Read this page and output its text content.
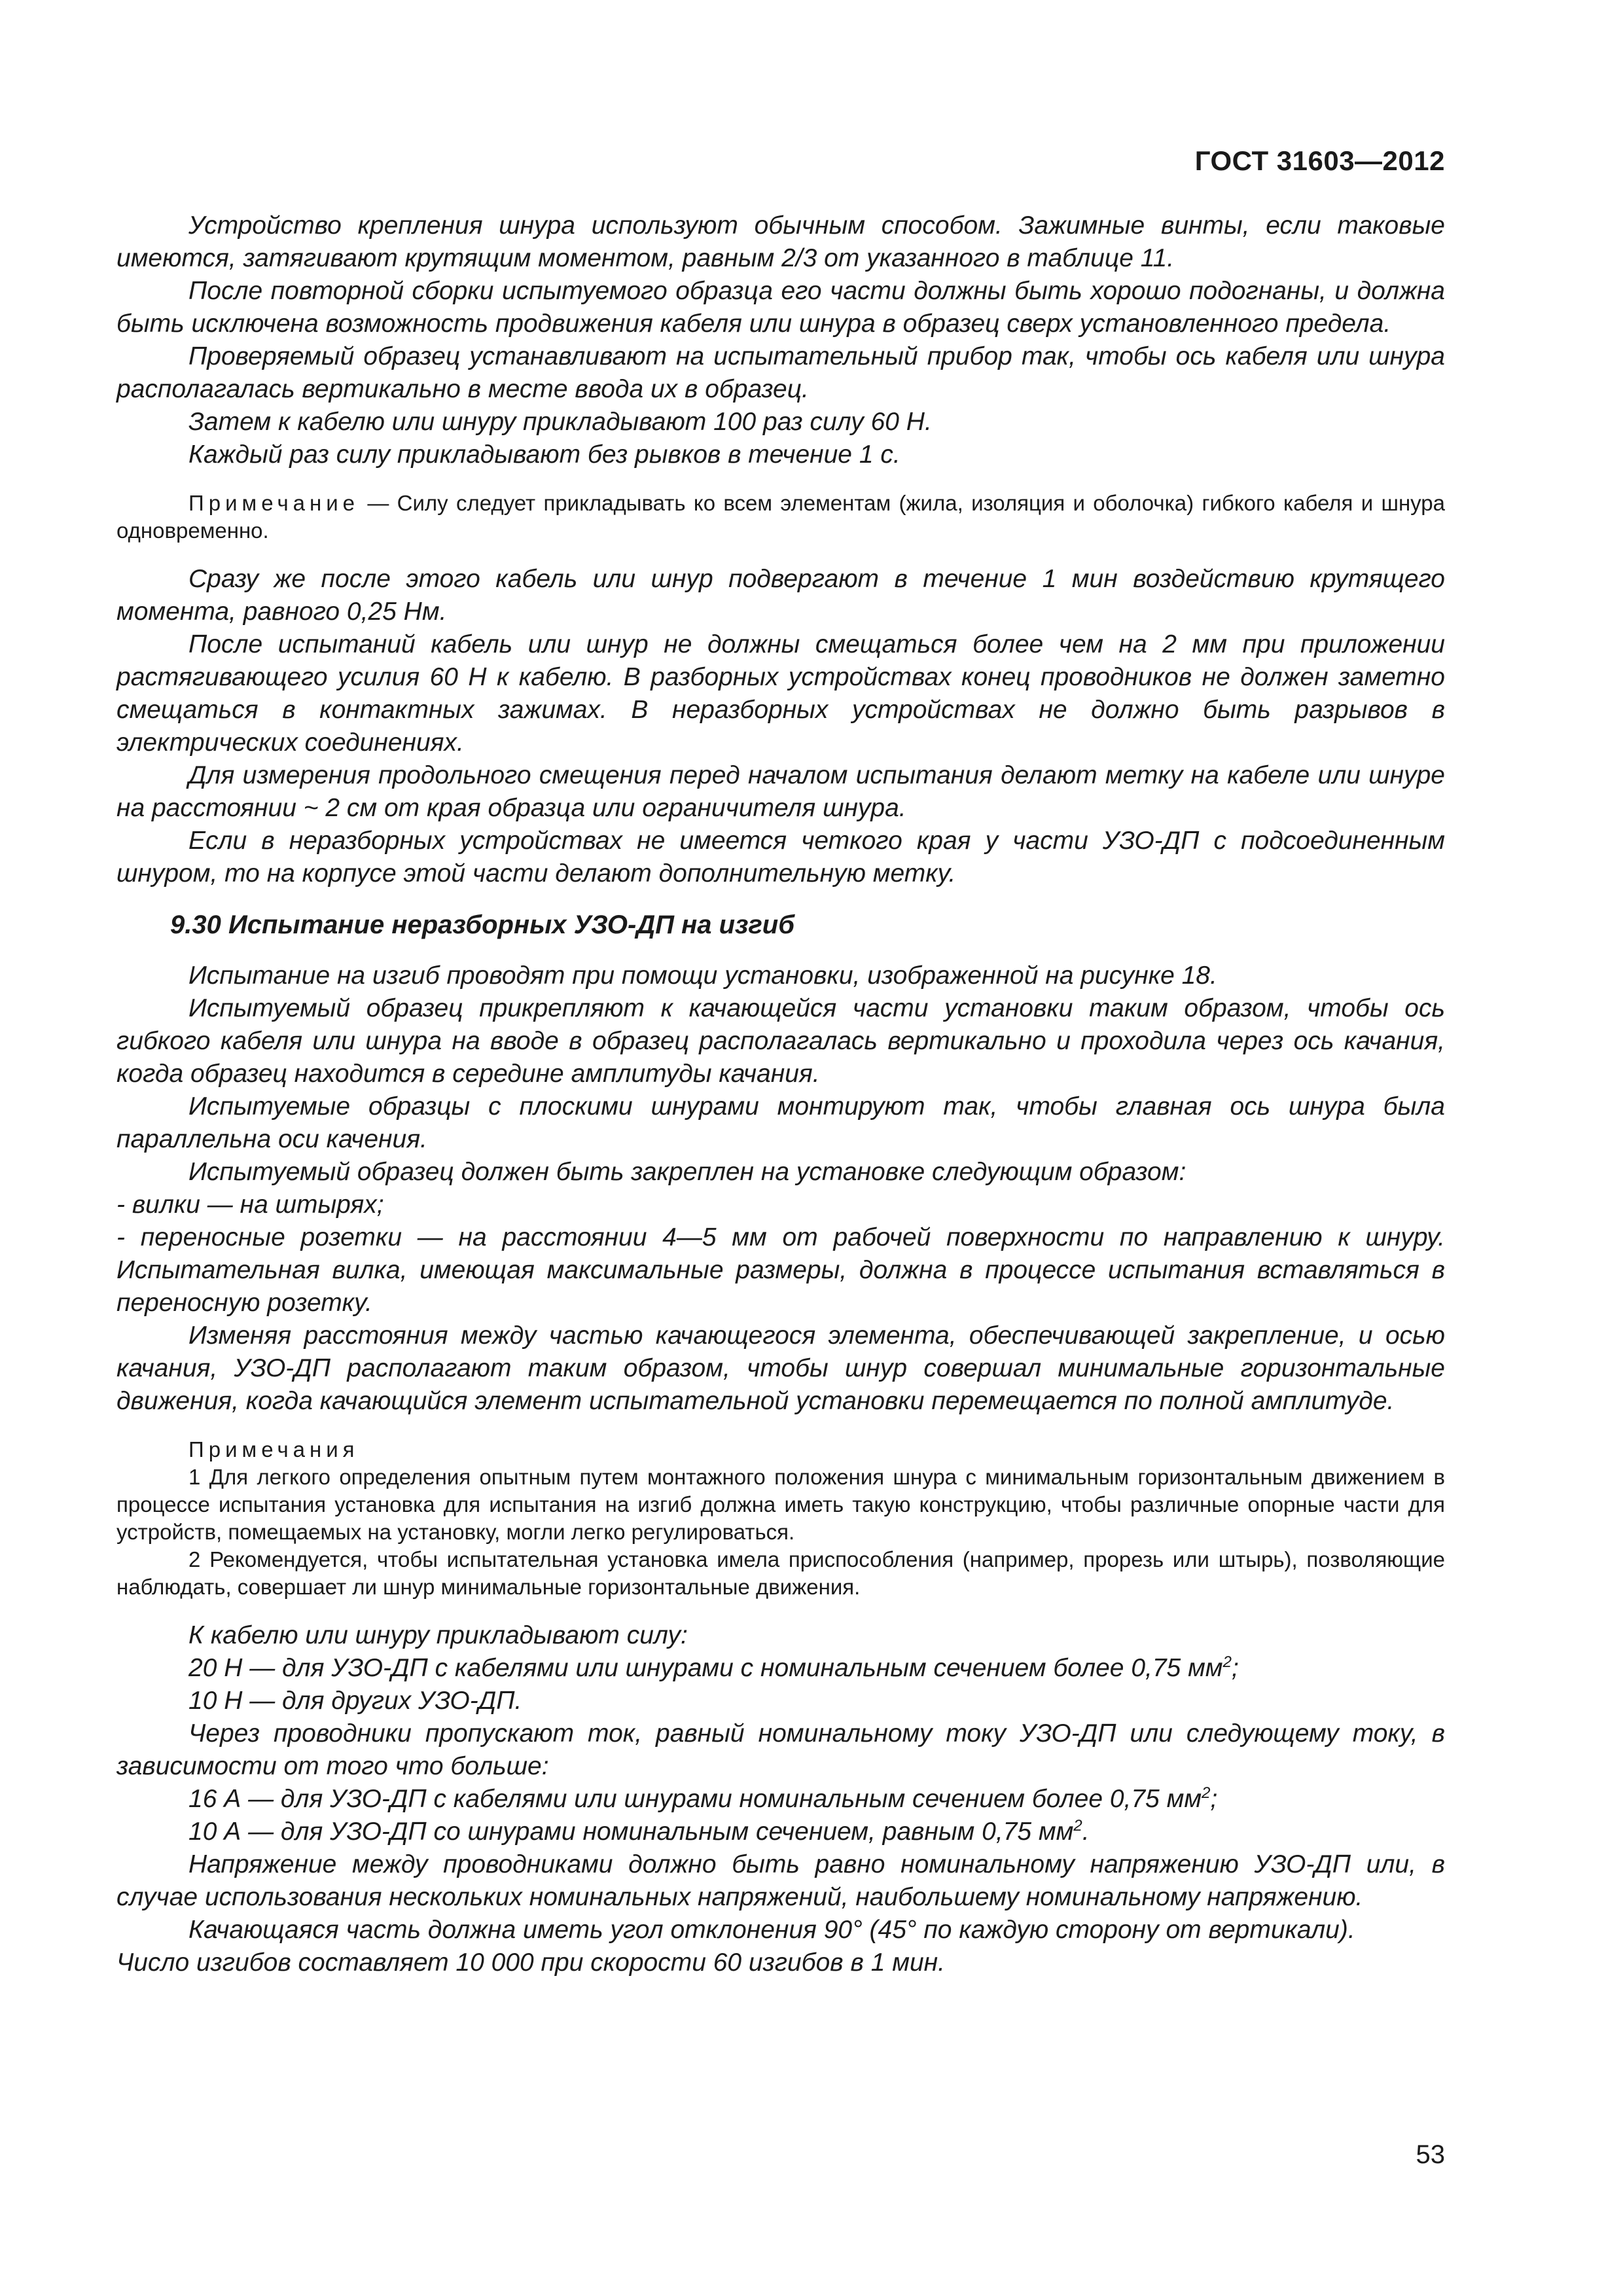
ГОСТ 31603—2012

Устройство крепления шнура используют обычным способом. Зажимные винты, если таковые имеются, затягивают крутящим моментом, равным 2/3 от указанного в таблице 11.

После повторной сборки испытуемого образца его части должны быть хорошо подогнаны, и должна быть исключена возможность продвижения кабеля или шнура в образец сверх установленного предела.

Проверяемый образец устанавливают на испытательный прибор так, чтобы ось кабеля или шнура располагалась вертикально в месте ввода их в образец.

Затем к кабелю или шнуру прикладывают 100 раз силу 60 Н.

Каждый раз силу прикладывают без рывков в течение 1 с.

Примечание — Силу следует прикладывать ко всем элементам (жила, изоляция и оболочка) гибкого кабеля и шнура одновременно.

Сразу же после этого кабель или шнур подвергают в течение 1 мин воздействию крутящего момента, равного 0,25 Нм.

После испытаний кабель или шнур не должны смещаться более чем на 2 мм при приложении растягивающего усилия 60 Н к кабелю. В разборных устройствах конец проводников не должен заметно смещаться в контактных зажимах. В неразборных устройствах не должно быть разрывов в электрических соединениях.

Для измерения продольного смещения перед началом испытания делают метку на кабеле или шнуре на расстоянии ~ 2 см от края образца или ограничителя шнура.

Если в неразборных устройствах не имеется четкого края у части УЗО-ДП с подсоединенным шнуром, то на корпусе этой части делают дополнительную метку.

9.30 Испытание неразборных УЗО-ДП на изгиб

Испытание на изгиб проводят при помощи установки, изображенной на рисунке 18.

Испытуемый образец прикрепляют к качающейся части установки таким образом, чтобы ось гибкого кабеля или шнура на вводе в образец располагалась вертикально и проходила через ось качания, когда образец находится в середине амплитуды качания.

Испытуемые образцы с плоскими шнурами монтируют так, чтобы главная ось шнура была параллельна оси качения.

Испытуемый образец должен быть закреплен на установке следующим образом:

- вилки — на штырях;

- переносные розетки — на расстоянии 4—5 мм от рабочей поверхности по направлению к шнуру. Испытательная вилка, имеющая максимальные размеры, должна в процессе испытания вставляться в переносную розетку.

Изменяя расстояния между частью качающегося элемента, обеспечивающей закрепление, и осью качания, УЗО-ДП располагают таким образом, чтобы шнур совершал минимальные горизонтальные движения, когда качающийся элемент испытательной установки перемещается по полной амплитуде.

Примечания

1 Для легкого определения опытным путем монтажного положения шнура с минимальным горизонтальным движением в процессе испытания установка для испытания на изгиб должна иметь такую конструкцию, чтобы различные опорные части для устройств, помещаемых на установку, могли легко регулироваться.

2 Рекомендуется, чтобы испытательная установка имела приспособления (например, прорезь или штырь), позволяющие наблюдать, совершает ли шнур минимальные горизонтальные движения.

К кабелю или шнуру прикладывают силу:

20 Н — для УЗО-ДП с кабелями или шнурами с номинальным сечением более 0,75 $мм^2$;

10 Н — для других УЗО-ДП.

Через проводники пропускают ток, равный номинальному току УЗО-ДП или следующему току, в зависимости от того что больше:

16 А — для УЗО-ДП с кабелями или шнурами номинальным сечением более 0,75 $мм^2$;

10 А — для УЗО-ДП со шнурами номинальным сечением, равным 0,75 $мм^2$.

Напряжение между проводниками должно быть равно номинальному напряжению УЗО-ДП или, в случае использования нескольких номинальных напряжений, наибольшему номинальному напряжению.

Качающаяся часть должна иметь угол отклонения 90° (45° по каждую сторону от вертикали).

Число изгибов составляет 10 000 при скорости 60 изгибов в 1 мин.

53
